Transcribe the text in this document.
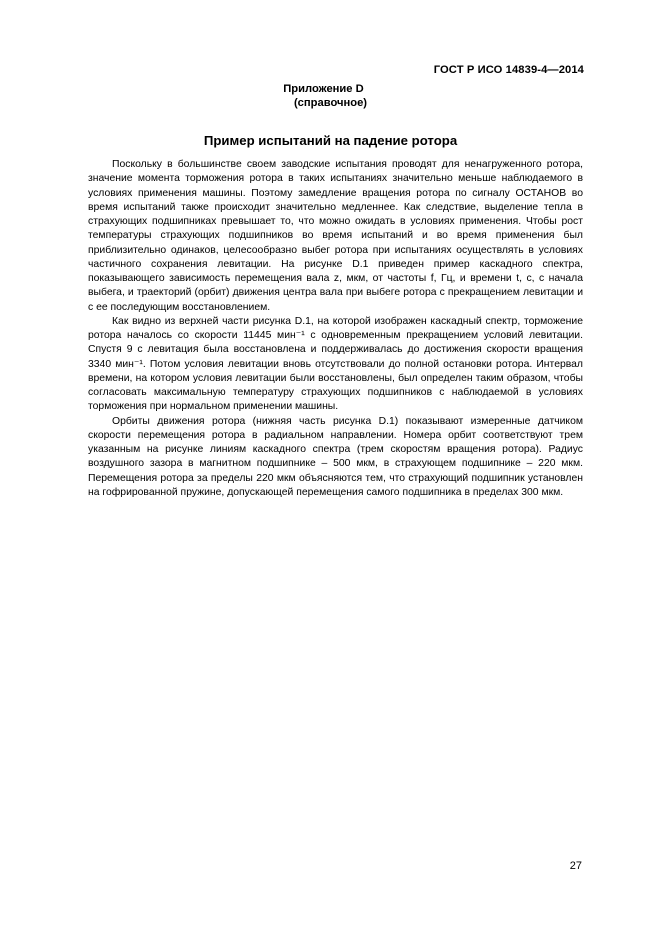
ГОСТ Р ИСО 14839-4—2014
Приложение D
(справочное)
Пример испытаний на падение ротора

Поскольку в большинстве своем заводские испытания проводят для ненагруженного ротора, значение момента торможения ротора в таких испытаниях значительно меньше наблюдаемого в условиях применения машины. Поэтому замедление вращения ротора по сигналу ОСТАНОВ во время испытаний также происходит значительно медленнее. Как следствие, выделение тепла в страхующих подшипниках превышает то, что можно ожидать в условиях применения. Чтобы рост температуры страхующих подшипников во время испытаний и во время применения был приблизительно одинаков, целесообразно выбег ротора при испытаниях осуществлять в условиях частичного сохранения левитации. На рисунке D.1 приведен пример каскадного спектра, показывающего зависимость перемещения вала z, мкм, от частоты f, Гц, и времени t, с, с начала выбега, и траекторий (орбит) движения центра вала при выбеге ротора с прекращением левитации и с ее последующим восстановлением.

Как видно из верхней части рисунка D.1, на которой изображен каскадный спектр, торможение ротора началось со скорости 11445 мин⁻¹ с одновременным прекращением условий левитации. Спустя 9 с левитация была восстановлена и поддерживалась до достижения скорости вращения 3340 мин⁻¹. Потом условия левитации вновь отсутствовали до полной остановки ротора. Интервал времени, на котором условия левитации были восстановлены, был определен таким образом, чтобы согласовать максимальную температуру страхующих подшипников с наблюдаемой в условиях торможения при нормальном применении машины.

Орбиты движения ротора (нижняя часть рисунка D.1) показывают измеренные датчиком скорости перемещения ротора в радиальном направлении. Номера орбит соответствуют трем указанным на рисунке линиям каскадного спектра (трем скоростям вращения ротора). Радиус воздушного зазора в магнитном подшипнике – 500 мкм, в страхующем подшипнике – 220 мкм. Перемещения ротора за пределы 220 мкм объясняются тем, что страхующий подшипник установлен на гофрированной пружине, допускающей перемещения самого подшипника в пределах 300 мкм.

27
